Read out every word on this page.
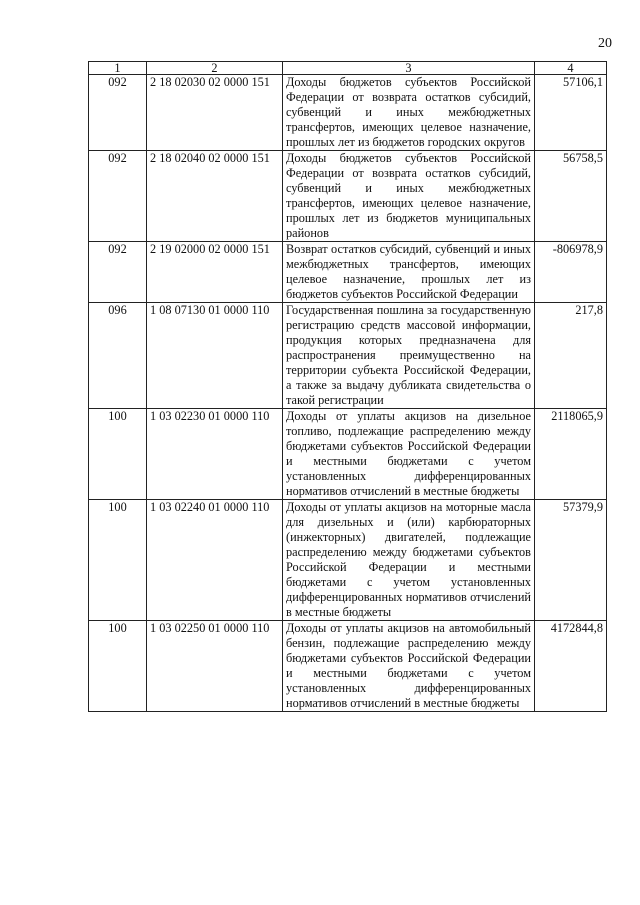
20
1	2	3	4
092	2 18 02030 02 0000 151	Доходы бюджетов субъектов Российской Федерации от возврата остатков субсидий, субвенций и иных межбюджетных трансфертов, имеющих целевое назначение, прошлых лет из бюджетов городских округов	57106,1
092	2 18 02040 02 0000 151	Доходы бюджетов субъектов Российской Федерации от возврата остатков субсидий, субвенций и иных межбюджетных трансфертов, имеющих целевое назначение, прошлых лет из бюджетов муниципальных районов	56758,5
092	2 19 02000 02 0000 151	Возврат остатков субсидий, субвенций и иных межбюджетных трансфертов, имеющих целевое назначение, прошлых лет из бюджетов субъектов Российской Федерации	-806978,9
096	1 08 07130 01 0000 110	Государственная пошлина за государственную регистрацию средств массовой информации, продукция которых предназначена для распространения преимущественно на территории субъекта Российской Федерации, а также за выдачу дубликата свидетельства о такой регистрации	217,8
100	1 03 02230 01 0000 110	Доходы от уплаты акцизов на дизельное топливо, подлежащие распределению между бюджетами субъектов Российской Федерации и местными бюджетами с учетом установленных дифференцированных нормативов отчислений в местные бюджеты	2118065,9
100	1 03 02240 01 0000 110	Доходы от уплаты акцизов на моторные масла для дизельных и (или) карбюраторных (инжекторных) двигателей, подлежащие распределению между бюджетами субъектов Российской Федерации и местными бюджетами с учетом установленных дифференцированных нормативов отчислений в местные бюджеты	57379,9
100	1 03 02250 01 0000 110	Доходы от уплаты акцизов на автомобильный бензин, подлежащие распределению между бюджетами субъектов Российской Федерации и местными бюджетами с учетом установленных дифференцированных нормативов отчислений в местные бюджеты	4172844,8
